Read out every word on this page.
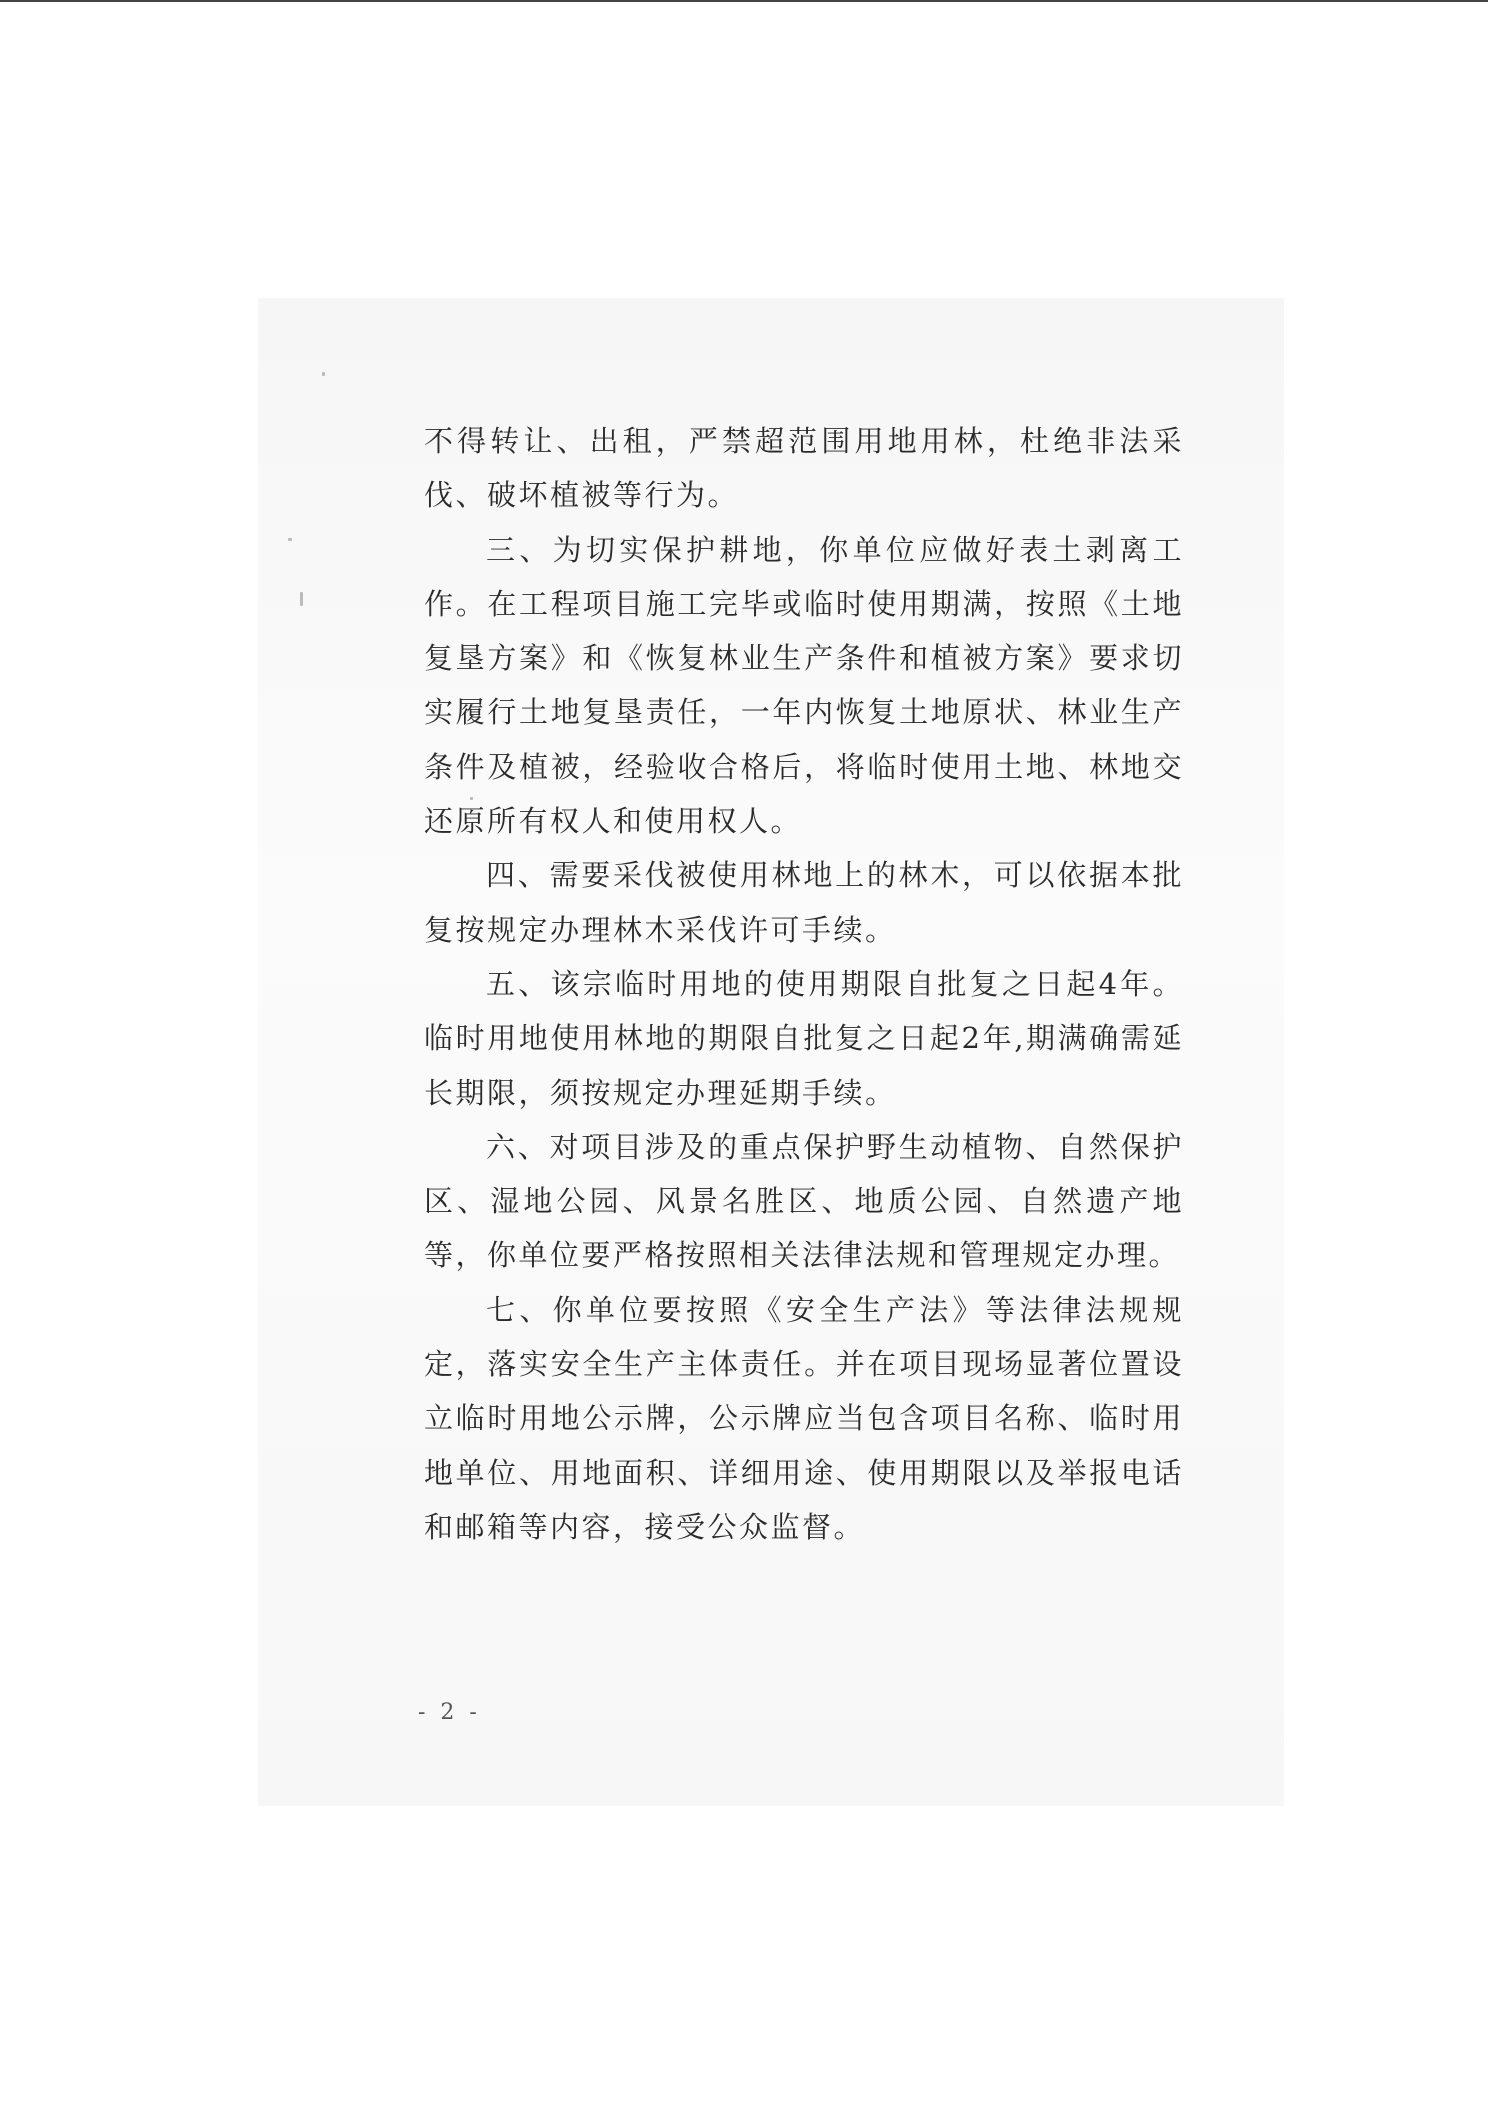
不得转让、出租，严禁超范围用地用林，杜绝非法采伐、破坏植被等行为。

三、为切实保护耕地，你单位应做好表土剥离工作。在工程项目施工完毕或临时使用期满，按照《土地复垦方案》和《恢复林业生产条件和植被方案》要求切实履行土地复垦责任，一年内恢复土地原状、林业生产条件及植被，经验收合格后，将临时使用土地、林地交还原所有权人和使用权人。

四、需要采伐被使用林地上的林木，可以依据本批复按规定办理林木采伐许可手续。

五、该宗临时用地的使用期限自批复之日起4年。临时用地使用林地的期限自批复之日起2年,期满确需延长期限，须按规定办理延期手续。

六、对项目涉及的重点保护野生动植物、自然保护区、湿地公园、风景名胜区、地质公园、自然遗产地等，你单位要严格按照相关法律法规和管理规定办理。

七、你单位要按照《安全生产法》等法律法规规定，落实安全生产主体责任。并在项目现场显著位置设立临时用地公示牌，公示牌应当包含项目名称、临时用地单位、用地面积、详细用途、使用期限以及举报电话和邮箱等内容，接受公众监督。

- 2 -
